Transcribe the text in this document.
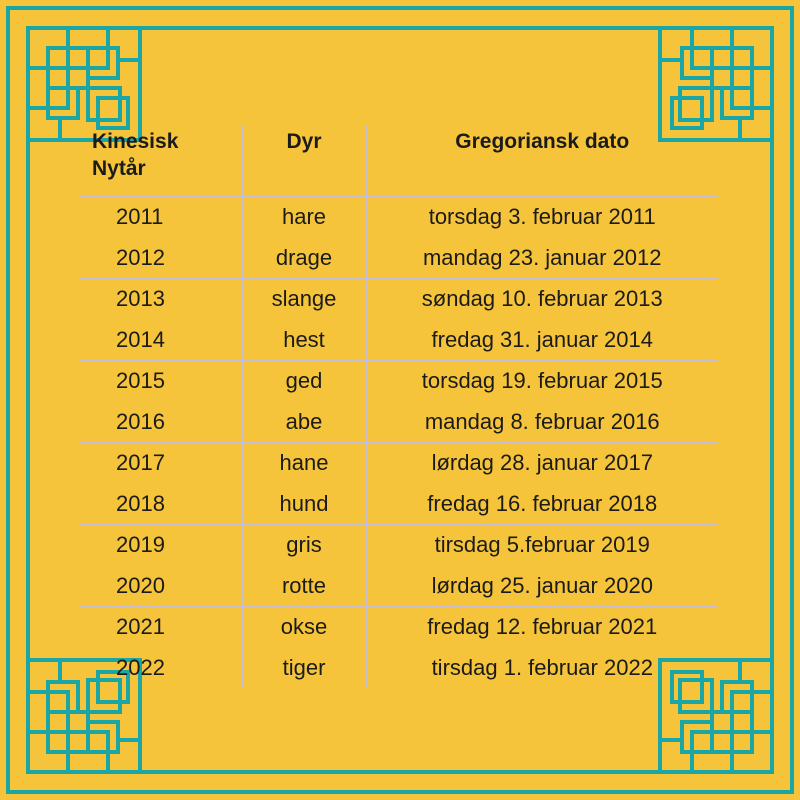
Kinesisk
Nytår	Dyr	Gregoriansk dato
2011	hare	torsdag 3. februar 2011
2012	drage	mandag 23. januar 2012
2013	slange	søndag 10. februar 2013
2014	hest	fredag 31. januar 2014
2015	ged	torsdag 19. februar 2015
2016	abe	mandag 8. februar 2016
2017	hane	lørdag 28. januar 2017
2018	hund	fredag 16. februar 2018
2019	gris	tirsdag 5.februar 2019
2020	rotte	lørdag 25. januar 2020
2021	okse	fredag 12. februar 2021
2022	tiger	tirsdag 1. februar 2022
